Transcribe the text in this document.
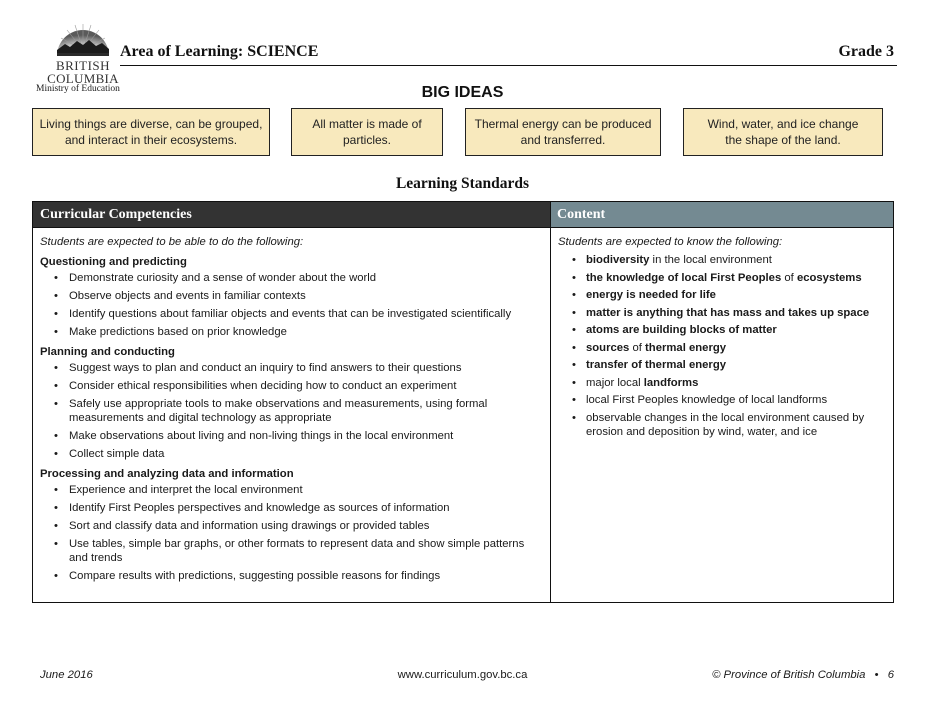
BRITISH
COLUMBIA
Ministry of Education
Area of Learning: SCIENCE	Grade 3
BIG IDEAS
Living things are diverse, can be grouped, and interact in their ecosystems.
All matter is made of particles.
Thermal energy can be produced and transferred.
Wind, water, and ice change the shape of the land.
Learning Standards
Curricular Competencies	Content
Students are expected to be able to do the following:
Questioning and predicting
• Demonstrate curiosity and a sense of wonder about the world
• Observe objects and events in familiar contexts
• Identify questions about familiar objects and events that can be investigated scientifically
• Make predictions based on prior knowledge
Planning and conducting
• Suggest ways to plan and conduct an inquiry to find answers to their questions
• Consider ethical responsibilities when deciding how to conduct an experiment
• Safely use appropriate tools to make observations and measurements, using formal measurements and digital technology as appropriate
• Make observations about living and non-living things in the local environment
• Collect simple data
Processing and analyzing data and information
• Experience and interpret the local environment
• Identify First Peoples perspectives and knowledge as sources of information
• Sort and classify data and information using drawings or provided tables
• Use tables, simple bar graphs, or other formats to represent data and show simple patterns and trends
• Compare results with predictions, suggesting possible reasons for findings
Students are expected to know the following:
• biodiversity in the local environment
• the knowledge of local First Peoples of ecosystems
• energy is needed for life
• matter is anything that has mass and takes up space
• atoms are building blocks of matter
• sources of thermal energy
• transfer of thermal energy
• major local landforms
• local First Peoples knowledge of local landforms
• observable changes in the local environment caused by erosion and deposition by wind, water, and ice
June 2016	www.curriculum.gov.bc.ca	© Province of British Columbia • 6
